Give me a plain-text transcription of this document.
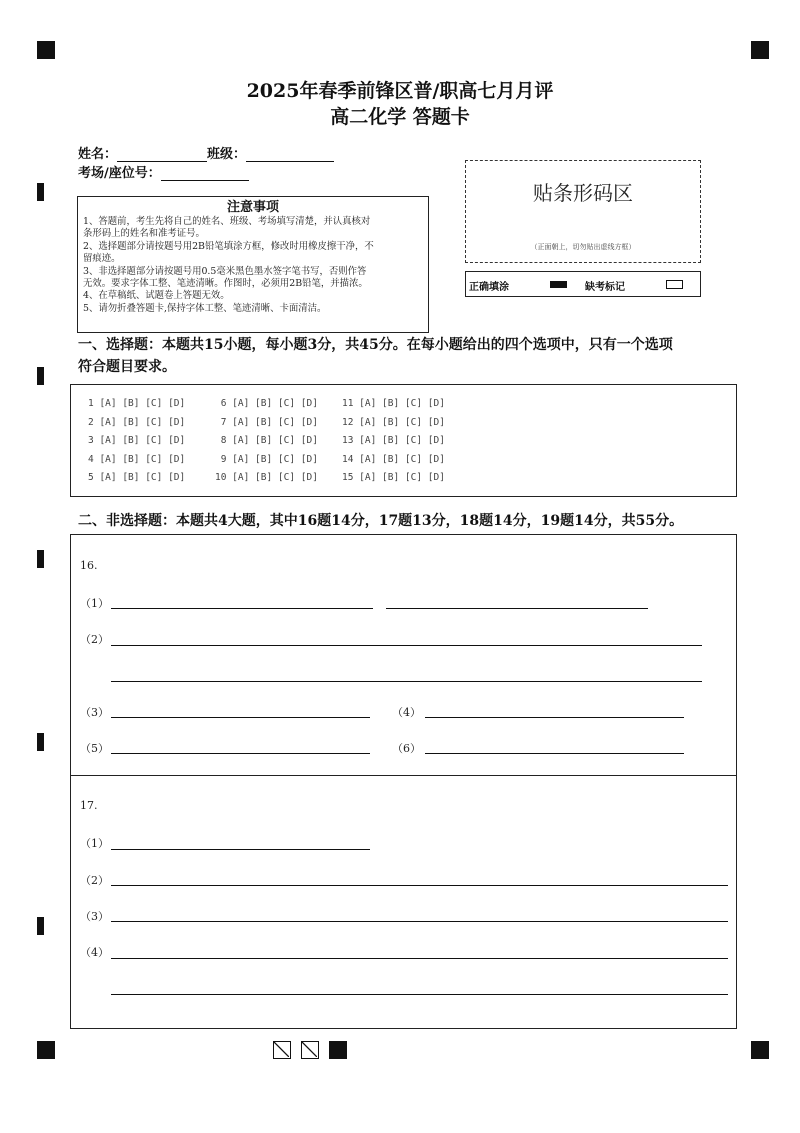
2025年春季前锋区普/职高七月月评
高二化学 答题卡
姓名：	班级：
考场/座位号：
注意事项
1、答题前，考生先将自己的姓名、班级、考场填写清楚，并认真核对
条形码上的姓名和准考证号。
2、选择题部分请按题号用2B铅笔填涂方框，修改时用橡皮擦干净，不
留痕迹。
3、非选择题部分请按题号用0.5毫米黑色墨水签字笔书写，否则作答
无效。要求字体工整、笔迹清晰。作图时，必须用2B铅笔，并描浓。
4、在草稿纸、试题卷上答题无效。
5、请勿折叠答题卡,保持字体工整、笔迹清晰、卡面清洁。
贴条形码区
（正面朝上，切勿贴出虚线方框）
正确填涂	缺考标记
一、选择题：本题共15小题，每小题3分，共45分。在每小题给出的四个选项中，只有一个选项
符合题目要求。
1 [A] [B] [C] [D]
2 [A] [B] [C] [D]
3 [A] [B] [C] [D]
4 [A] [B] [C] [D]
5 [A] [B] [C] [D]
6 [A] [B] [C] [D]
7 [A] [B] [C] [D]
8 [A] [B] [C] [D]
9 [A] [B] [C] [D]
10 [A] [B] [C] [D]
11 [A] [B] [C] [D]
12 [A] [B] [C] [D]
13 [A] [B] [C] [D]
14 [A] [B] [C] [D]
15 [A] [B] [C] [D]
二、非选择题：本题共4大题，其中16题14分，17题13分，18题14分，19题14分，共55分。
16.
（1）
（2）
（3）	（4）
（5）	（6）
17.
（1）
（2）
（3）
（4）
